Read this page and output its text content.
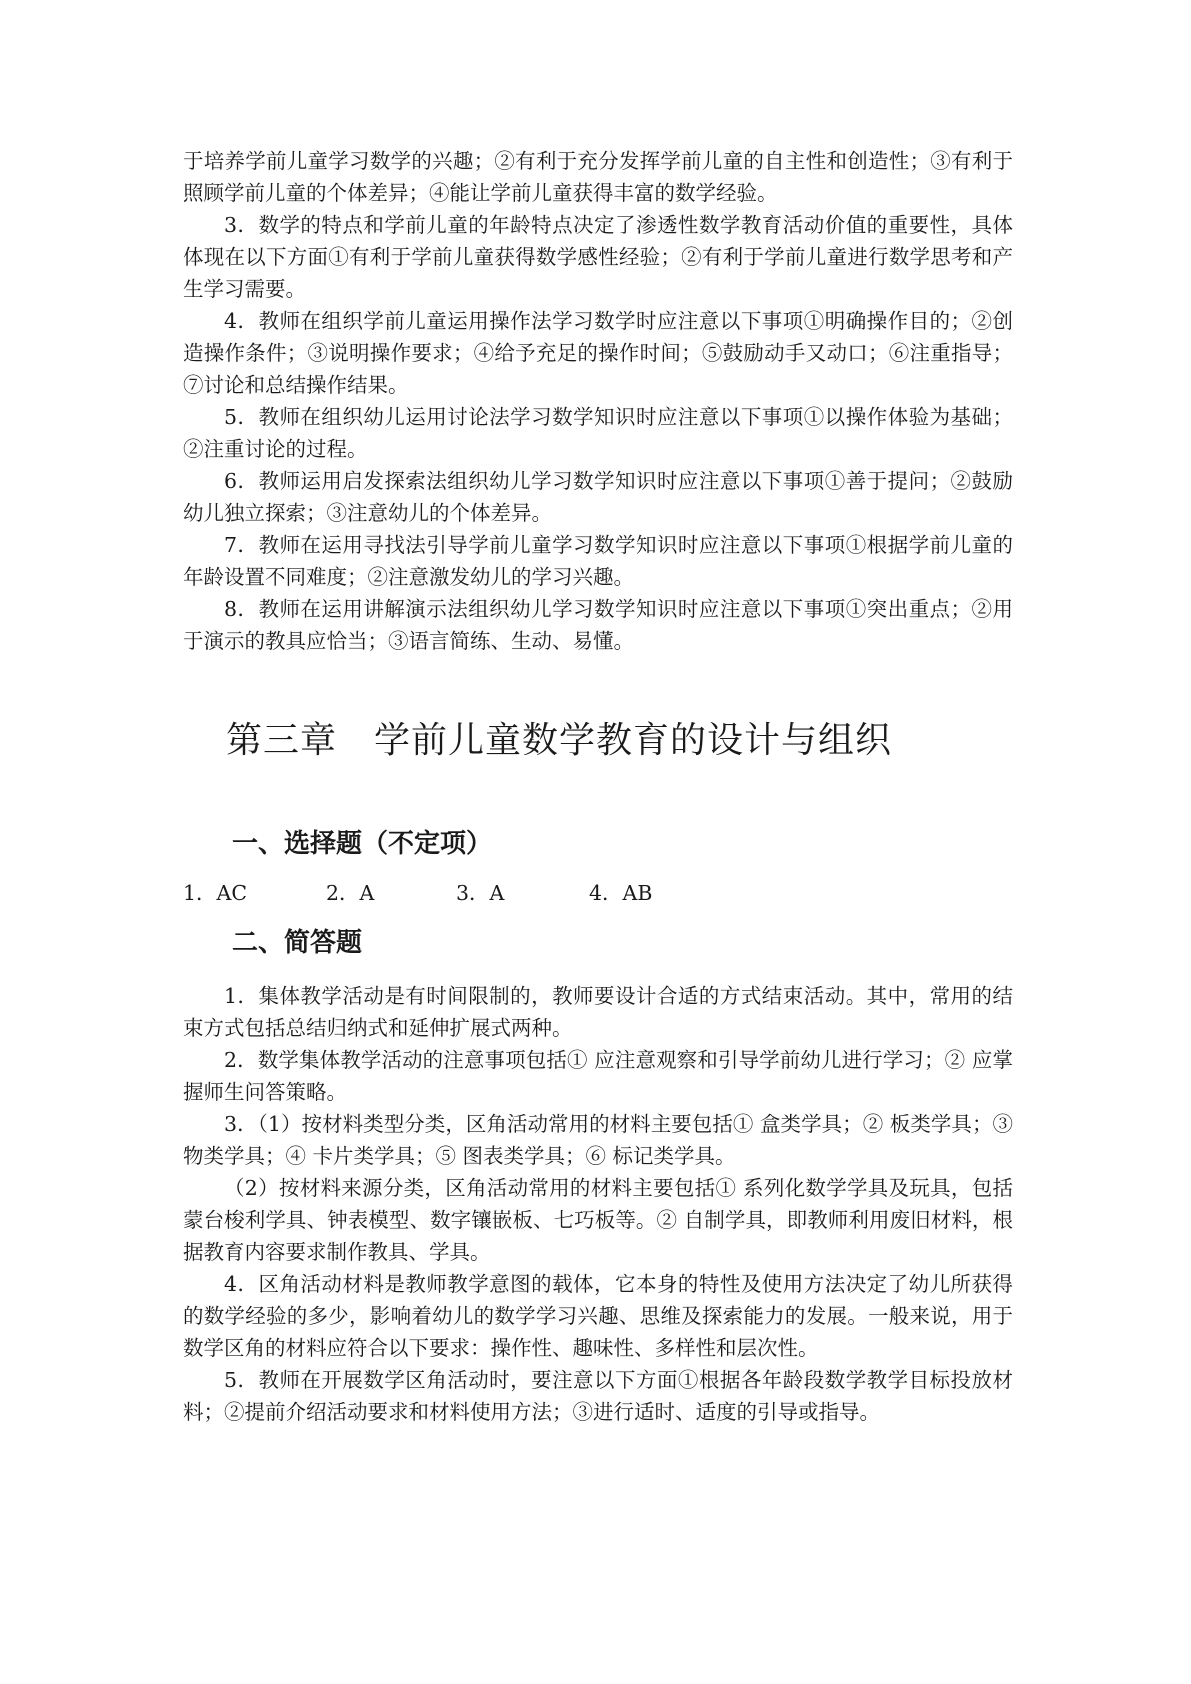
于培养学前儿童学习数学的兴趣；②有利于充分发挥学前儿童的自主性和创造性；③有利于照顾学前儿童的个体差异；④能让学前儿童获得丰富的数学经验。

3．数学的特点和学前儿童的年龄特点决定了渗透性数学教育活动价值的重要性，具体体现在以下方面①有利于学前儿童获得数学感性经验；②有利于学前儿童进行数学思考和产生学习需要。

4．教师在组织学前儿童运用操作法学习数学时应注意以下事项①明确操作目的；②创造操作条件；③说明操作要求；④给予充足的操作时间；⑤鼓励动手又动口；⑥注重指导；⑦讨论和总结操作结果。

5．教师在组织幼儿运用讨论法学习数学知识时应注意以下事项①以操作体验为基础；②注重讨论的过程。

6．教师运用启发探索法组织幼儿学习数学知识时应注意以下事项①善于提问；②鼓励幼儿独立探索；③注意幼儿的个体差异。

7．教师在运用寻找法引导学前儿童学习数学知识时应注意以下事项①根据学前儿童的年龄设置不同难度；②注意激发幼儿的学习兴趣。

8．教师在运用讲解演示法组织幼儿学习数学知识时应注意以下事项①突出重点；②用于演示的教具应恰当；③语言简练、生动、易懂。

第三章　学前儿童数学教育的设计与组织
一、选择题（不定项）
1．AC	2．A	3．A	4．AB
二、简答题

1．集体教学活动是有时间限制的，教师要设计合适的方式结束活动。其中，常用的结束方式包括总结归纳式和延伸扩展式两种。

2．数学集体教学活动的注意事项包括① 应注意观察和引导学前幼儿进行学习；② 应掌握师生问答策略。

3．（1）按材料类型分类，区角活动常用的材料主要包括① 盒类学具；② 板类学具；③ 物类学具；④ 卡片类学具；⑤ 图表类学具；⑥ 标记类学具。

（2）按材料来源分类，区角活动常用的材料主要包括① 系列化数学学具及玩具，包括蒙台梭利学具、钟表模型、数字镶嵌板、七巧板等。② 自制学具，即教师利用废旧材料，根据教育内容要求制作教具、学具。

4．区角活动材料是教师教学意图的载体，它本身的特性及使用方法决定了幼儿所获得的数学经验的多少，影响着幼儿的数学学习兴趣、思维及探索能力的发展。一般来说，用于数学区角的材料应符合以下要求：操作性、趣味性、多样性和层次性。

5．教师在开展数学区角活动时，要注意以下方面①根据各年龄段数学教学目标投放材料；②提前介绍活动要求和材料使用方法；③进行适时、适度的引导或指导。
